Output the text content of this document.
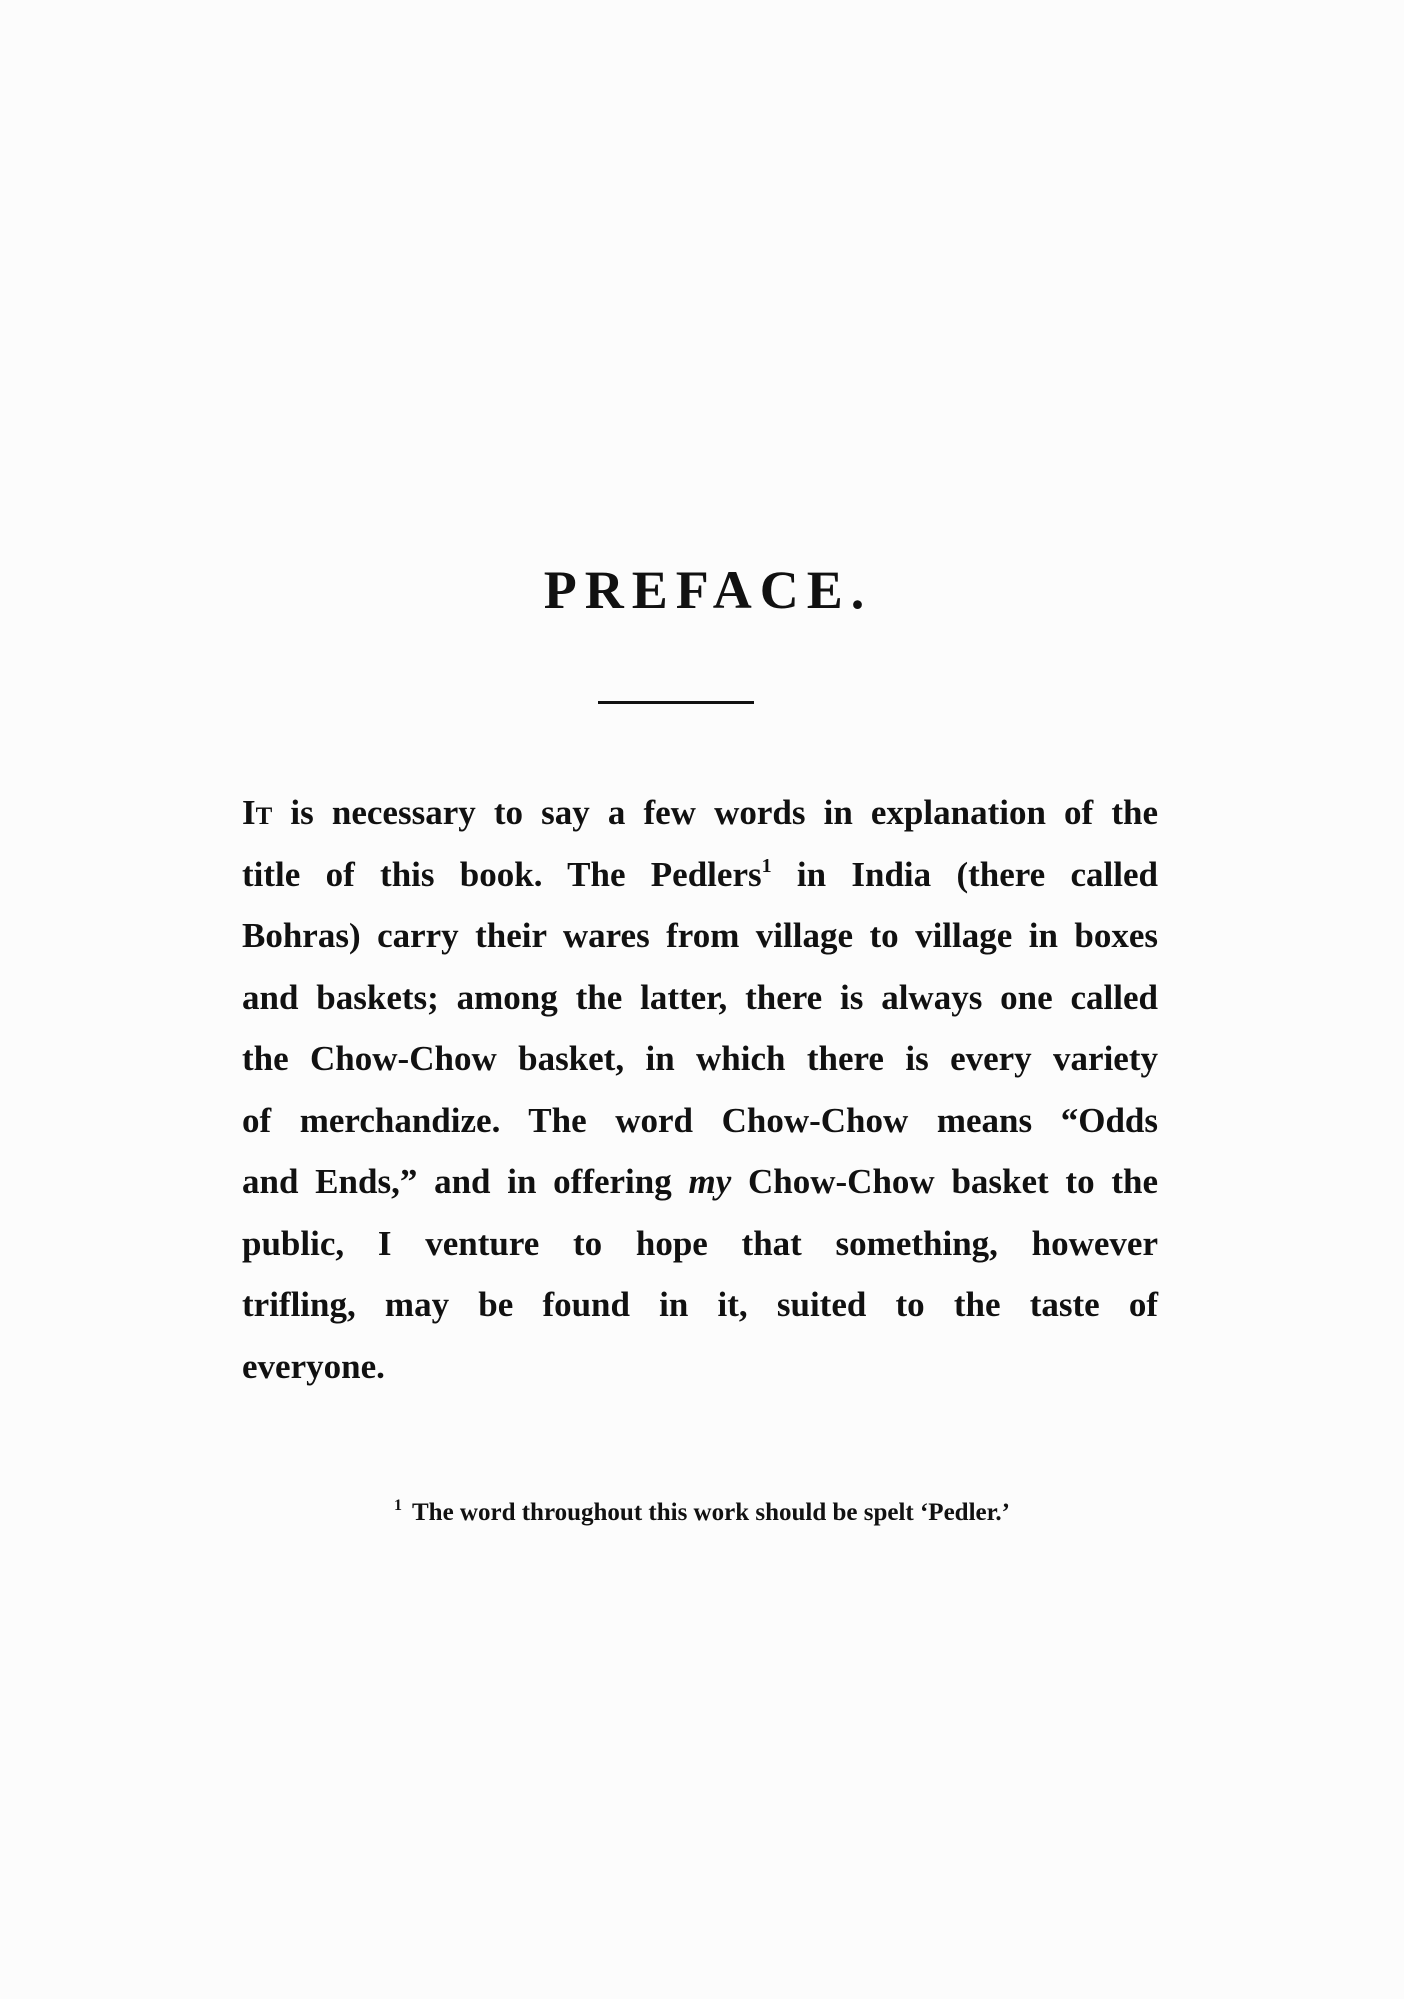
PREFACE.
It is necessary to say a few words in explanation of the
title of this book. The Pedlers$^1$ in India (there called
Bohras) carry their wares from village to village in boxes
and baskets; among the latter, there is always one called
the Chow-Chow basket, in which there is every variety
of merchandize. The word Chow-Chow means “Odds
and Ends,” and in offering my Chow-Chow basket to the
public, I venture to hope that something, however
trifling, may be found in it, suited to the taste of
everyone.
$^1$ The word throughout this work should be spelt ‘Pedler.’
